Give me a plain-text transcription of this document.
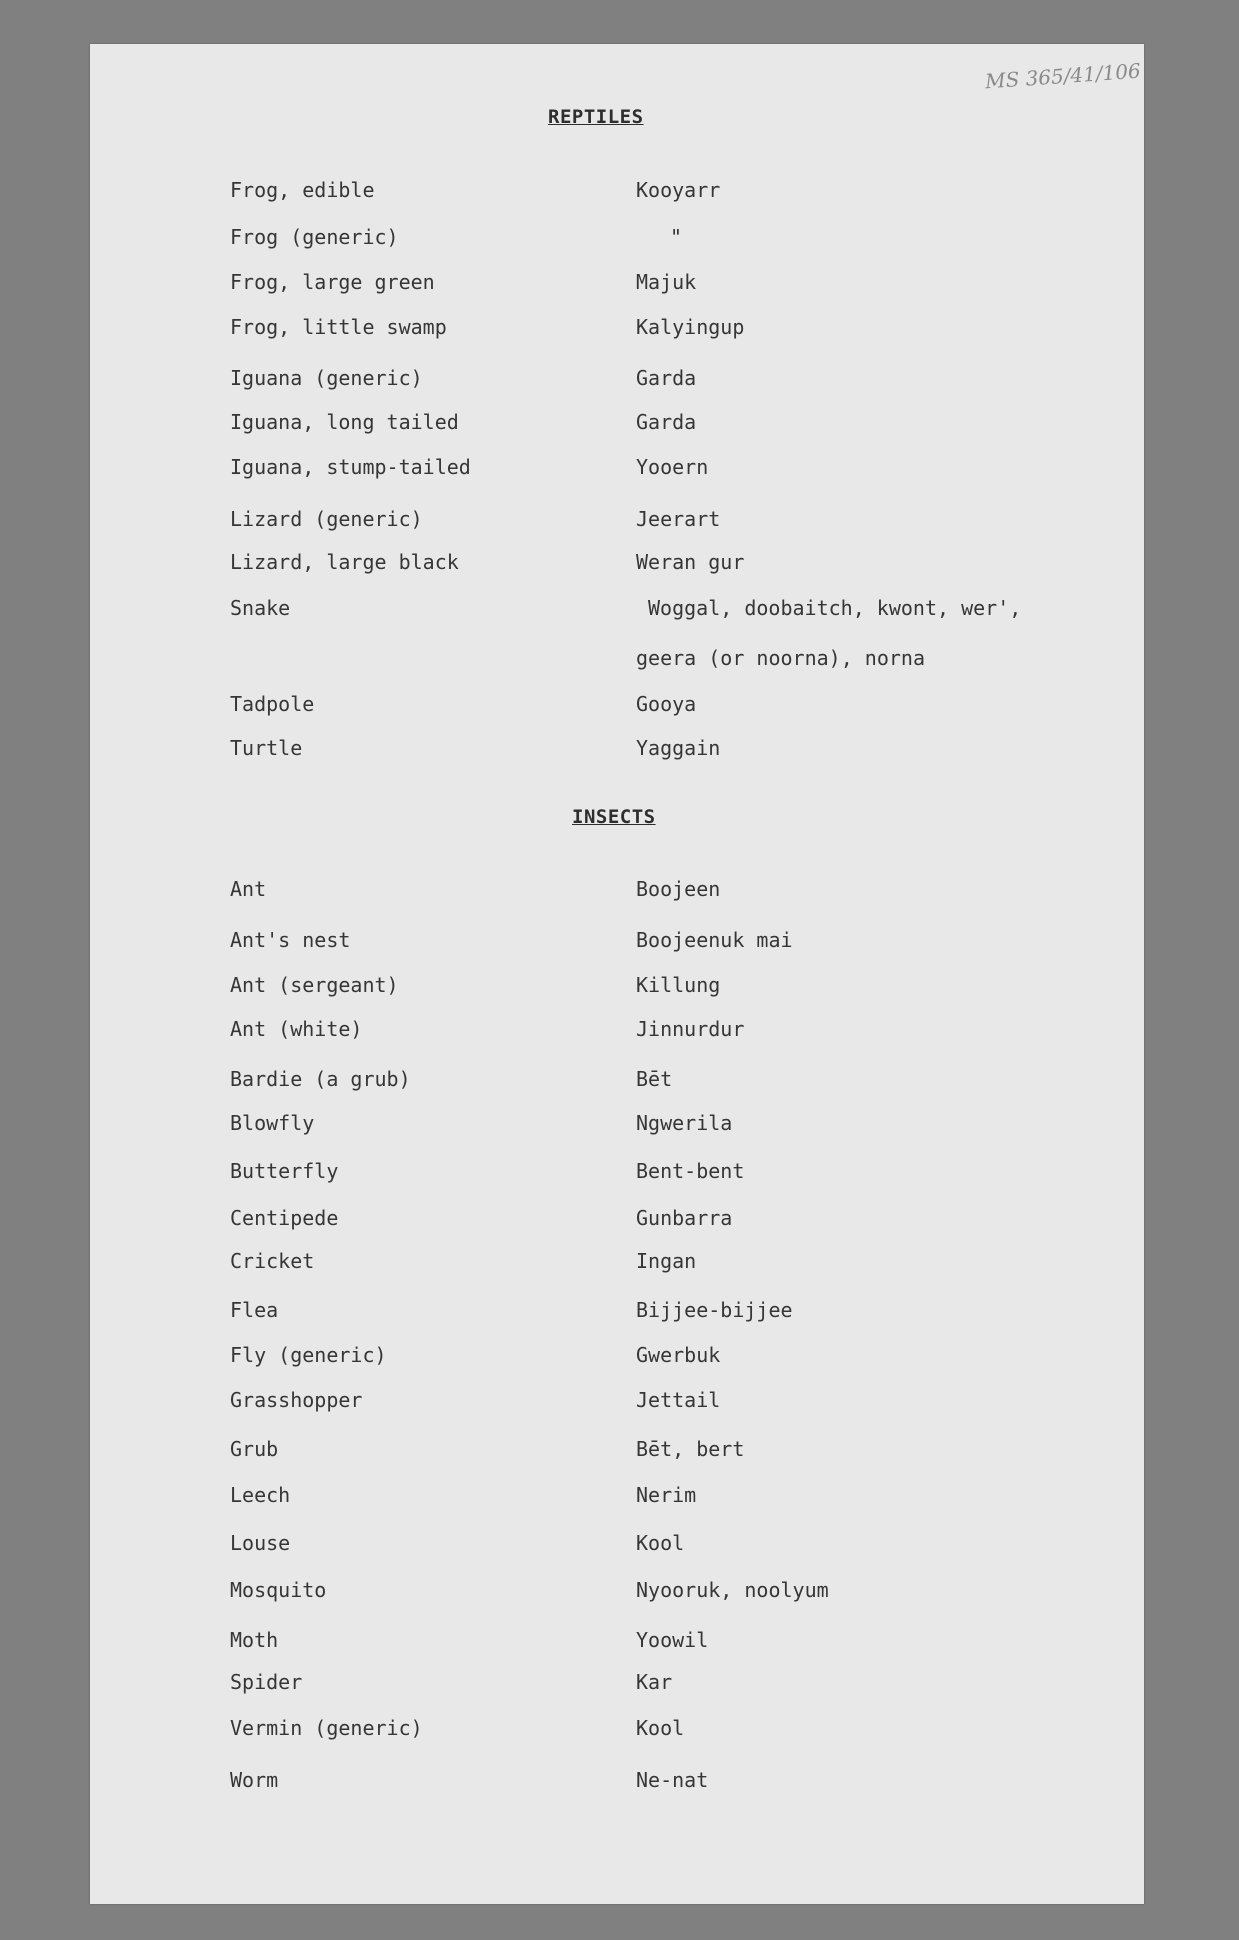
MS 365/41/106
REPTILES
Frog, edible	Kooyarr
Frog (generic)	"
Frog, large green	Majuk
Frog, little swamp	Kalyingup
Iguana (generic)	Garda
Iguana, long tailed	Garda
Iguana, stump-tailed	Yooern
Lizard (generic)	Jeerart
Lizard, large black	Weran gur
Snake	Woggal, doobaitch, kwont, wer',
geera (or noorna), norna
Tadpole	Gooya
Turtle	Yaggain
INSECTS
Ant	Boojeen
Ant's nest	Boojeenuk mai
Ant (sergeant)	Killung
Ant (white)	Jinnurdur
Bardie (a grub)	Bēt
Blowfly	Ngwerila
Butterfly	Bent-bent
Centipede	Gunbarra
Cricket	Ingan
Flea	Bijjee-bijjee
Fly (generic)	Gwerbuk
Grasshopper	Jettail
Grub	Bēt, bert
Leech	Nerim
Louse	Kool
Mosquito	Nyooruk, noolyum
Moth	Yoowil
Spider	Kar
Vermin (generic)	Kool
Worm	Ne-nat
